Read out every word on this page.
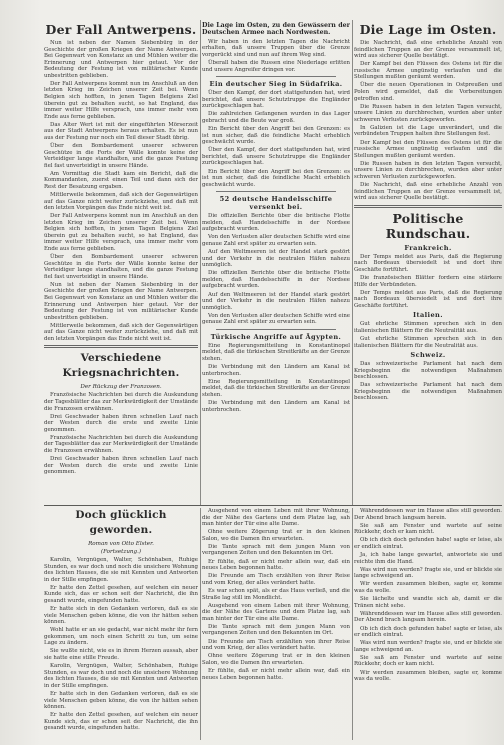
Der Fall Antwerpens.

Nun ist neben der Namen Siebenbürg in der Geschichte der großen Kriegen der Name Antwerpen. Bei Gegenwart von Konstanz an und Mühlen weiter die Erinnerung und Antwerpen hier getaut. Vor der Bedeutung der Festung ist von militärischer Kunde unbestritten geblieben.

Der Fall Antwerpens kommt nun im Anschluß an den letzten Krieg im Zeichen unserer Zeit bei. Wenn Belgien sich hofften, in jenen Tagen Belgiens Ziel überein gut zu behalten sucht, so hat England, das immer weiter Hilfe versprach, uns immer mehr vom Ende aus ferne geblieben.

Das Alter Wert ist mit der eingeführten Mörserzeit aus der Stadt Antwerpens heraus erhalten. Es ist nun aus der Festung nur noch ein Teil dieser Stadt übrig.

Über den Bombardement unserer schweren Geschütze in die Forts der Wälle konnte keine der Verteidiger lange standhalten, und die ganze Festung fiel fast unverteidigt in unsere Hände.

Am Vormittag die Stadt kam ein Bericht, daß die Kommandanten, zuerst einen Teil und dann sich der Rest der Besatzung ergaben.

Mittlerweile bekommen, daß sich der Gegenwärtigen auf das Ganze nicht weiter zurückziehe, und daß mit den letzten Vorgängen das Ende nicht weit ist.

Der Fall Antwerpens kommt nun im Anschluß an den letzten Krieg im Zeichen unserer Zeit bei. Wenn Belgien sich hofften, in jenen Tagen Belgiens Ziel überein gut zu behalten sucht, so hat England, das immer weiter Hilfe versprach, uns immer mehr vom Ende aus ferne geblieben.

Über den Bombardement unserer schweren Geschütze in die Forts der Wälle konnte keine der Verteidiger lange standhalten, und die ganze Festung fiel fast unverteidigt in unsere Hände.

Nun ist neben der Namen Siebenbürg in der Geschichte der großen Kriegen der Name Antwerpen. Bei Gegenwart von Konstanz an und Mühlen weiter die Erinnerung und Antwerpen hier getaut. Vor der Bedeutung der Festung ist von militärischer Kunde unbestritten geblieben.

Mittlerweile bekommen, daß sich der Gegenwärtigen auf das Ganze nicht weiter zurückziehe, und daß mit den letzten Vorgängen das Ende nicht weit ist.

Verschiedene Kriegsnachrichten.
Der Rückzug der Franzosen.

Französische Nachrichten bei durch die Auskundung der Tagesblätter das zur Merkwürdigkeit der Umstände die Franzosen erwähnen.

Drei Geschwader haben ihren schnellen Lauf nach der Westen durch die erste und zweite Linie genommen.

Französische Nachrichten bei durch die Auskundung der Tagesblätter das zur Merkwürdigkeit der Umstände die Franzosen erwähnen.

Drei Geschwader haben ihren schnellen Lauf nach der Westen durch die erste und zweite Linie genommen.

Die Lage im Osten, zu den Gewässern der Deutschen Armee nach Nordwesten.

Wir haben in den letzten Tagen die Nachricht erhalten, daß unsere Truppen über die Grenze vorgerückt sind und nun auf ihrem Weg sind.

Überall haben die Russen eine Niederlage erlitten und unsere Angreifer dringen vor.

Ein deutscher Sieg in Südafrika.

Über den Kampf, der dort stattgefunden hat, wird berichtet, daß unsere Schutztruppe die Engländer zurückgeschlagen hat.

Die zahlreichen Gefangenen wurden in das Lager gebracht und die Beute war groß.

Ein Bericht über den Angriff bei den Grenzen: es ist nun sicher, daß die feindliche Macht erheblich geschwächt wurde.

Über den Kampf, der dort stattgefunden hat, wird berichtet, daß unsere Schutztruppe die Engländer zurückgeschlagen hat.

Ein Bericht über den Angriff bei den Grenzen: es ist nun sicher, daß die feindliche Macht erheblich geschwächt wurde.

52 deutsche Handelsschiffe versenkt bei.

Die offiziellen Berichte über die britische Flotte melden, daß Handelsschiffe in der Nordsee aufgebracht wurden.

Von den Verlusten aller deutschen Schiffe wird eine genaue Zahl erst später zu erwarten sein.

Auf den Weltmeeren ist der Handel stark gestört und der Verkehr in die neutralen Häfen nahezu unmöglich.

Die offiziellen Berichte über die britische Flotte melden, daß Handelsschiffe in der Nordsee aufgebracht wurden.

Auf den Weltmeeren ist der Handel stark gestört und der Verkehr in die neutralen Häfen nahezu unmöglich.

Von den Verlusten aller deutschen Schiffe wird eine genaue Zahl erst später zu erwarten sein.

Türkische Angriffe auf Ägypten.

Eine Regierungsmitteilung in Konstantinopel meldet, daß die türkischen Streitkräfte an der Grenze stehen.

Die Verbindung mit den Ländern am Kanal ist unterbrochen.

Eine Regierungsmitteilung in Konstantinopel meldet, daß die türkischen Streitkräfte an der Grenze stehen.

Die Verbindung mit den Ländern am Kanal ist unterbrochen.

Die Lage im Osten.

Die Nachricht, daß eine erhebliche Anzahl von feindlichen Truppen an der Grenze versammelt ist, wird aus sicherer Quelle bestätigt.

Der Kampf bei den Flüssen des Ostens ist für die russische Armee ungünstig verlaufen und die Stellungen mußten geräumt werden.

Über die neuen Operationen in Ostpreußen und Polen wird gemeldet, daß die Vorbereitungen getroffen sind.

Die Russen haben in den letzten Tagen versucht, unsere Linien zu durchbrechen, wurden aber unter schweren Verlusten zurückgeworfen.

In Galizien ist die Lage unverändert, und die verbündeten Truppen halten ihre Stellungen fest.

Der Kampf bei den Flüssen des Ostens ist für die russische Armee ungünstig verlaufen und die Stellungen mußten geräumt werden.

Die Russen haben in den letzten Tagen versucht, unsere Linien zu durchbrechen, wurden aber unter schweren Verlusten zurückgeworfen.

Die Nachricht, daß eine erhebliche Anzahl von feindlichen Truppen an der Grenze versammelt ist, wird aus sicherer Quelle bestätigt.

Politische Rundschau.
Frankreich.

Der Temps meldet aus Paris, daß die Regierung nach Bordeaux übersiedelt ist und dort ihre Geschäfte fortführt.

Die französischen Blätter fordern eine stärkere Hilfe der Verbündeten.

Der Temps meldet aus Paris, daß die Regierung nach Bordeaux übersiedelt ist und dort ihre Geschäfte fortführt.

Italien.

Gut ehrliche Stimmen sprechen sich in den italienischen Blättern für die Neutralität aus.

Gut ehrliche Stimmen sprechen sich in den italienischen Blättern für die Neutralität aus.

Schweiz.

Das schweizerische Parlament hat nach dem Kriegsbeginn die notwendigen Maßnahmen beschlossen.

Das schweizerische Parlament hat nach dem Kriegsbeginn die notwendigen Maßnahmen beschlossen.

Doch glücklich geworden.
Roman von Otto Elster.
(Fortsetzung.)

Karolin, Vergnügen, Walter, Schönhaben, Ruhige Stunden, es war doch und noch die unsichere Wohnung des lichten Hauses, die sie mit Kennten und Antworten in der Stille empfingen.

Er hatte den Zettel gesehen, auf welchen ein neuer Kunde sich, das er schon seit der Nachricht, die ihn gesandt wurde, eingefunden hatte.

Er hatte sich in den Gedanken verloren, daß es sie viele Menschen geben könne, die von ihr hätten sehen können.

Wohl hatte er an sie gedacht, war nicht mehr ihr fern gekommen, um noch einen Schritt zu tun, um seine Lage zu ändern.

Sie wußte nicht, wie es in ihrem Herzen aussah, aber sie hatte eine stille Freude.

Karolin, Vergnügen, Walter, Schönhaben, Ruhige Stunden, es war doch und noch die unsichere Wohnung des lichten Hauses, die sie mit Kennten und Antworten in der Stille empfingen.

Er hatte sich in den Gedanken verloren, daß es sie viele Menschen geben könne, die von ihr hätten sehen können.

Er hatte den Zettel gesehen, auf welchen ein neuer Kunde sich, das er schon seit der Nachricht, die ihn gesandt wurde, eingefunden hatte.

Ausgehend von einem Leben mit ihrer Wohnung, die der Nähe des Gartens und dem Platze lag, sah man hinter der Tür eine alte Dame.

Ohne weitere Zögerung trat er in den kleinen Salon, wo die Damen ihn erwarteten.

Die Tante sprach mit dem jungen Mann von vergangenen Zeiten und den Bekannten im Ort.

Er fühlte, daß er nicht mehr allein war, daß ein neues Leben begonnen hatte.

Die Freunde am Tisch erzählten von ihrer Reise und vom Krieg, der alles verändert hatte.

Es war schon spät, als er das Haus verließ, und die Straße lag still im Mondlicht.

Ausgehend von einem Leben mit ihrer Wohnung, die der Nähe des Gartens und dem Platze lag, sah man hinter der Tür eine alte Dame.

Die Tante sprach mit dem jungen Mann von vergangenen Zeiten und den Bekannten im Ort.

Die Freunde am Tisch erzählten von ihrer Reise und vom Krieg, der alles verändert hatte.

Ohne weitere Zögerung trat er in den kleinen Salon, wo die Damen ihn erwarteten.

Er fühlte, daß er nicht mehr allein war, daß ein neues Leben begonnen hatte.

Währenddessen war im Hause alles still geworden. Der Abend brach langsam herein.

Sie saß am Fenster und wartete auf seine Rückkehr, doch er kam nicht.

Ob ich dich doch gefunden habe! sagte er leise, als er endlich eintrat.

Ja, ich habe lange gewartet, antwortete sie und reichte ihm die Hand.

Was wird nun werden? fragte sie, und er blickte sie lange schweigend an.

Wir werden zusammen bleiben, sagte er, komme was da wolle.

Sie lächelte und wandte sich ab, damit er die Tränen nicht sehe.

Währenddessen war im Hause alles still geworden. Der Abend brach langsam herein.

Ob ich dich doch gefunden habe! sagte er leise, als er endlich eintrat.

Was wird nun werden? fragte sie, und er blickte sie lange schweigend an.

Sie saß am Fenster und wartete auf seine Rückkehr, doch er kam nicht.

Wir werden zusammen bleiben, sagte er, komme was da wolle.
